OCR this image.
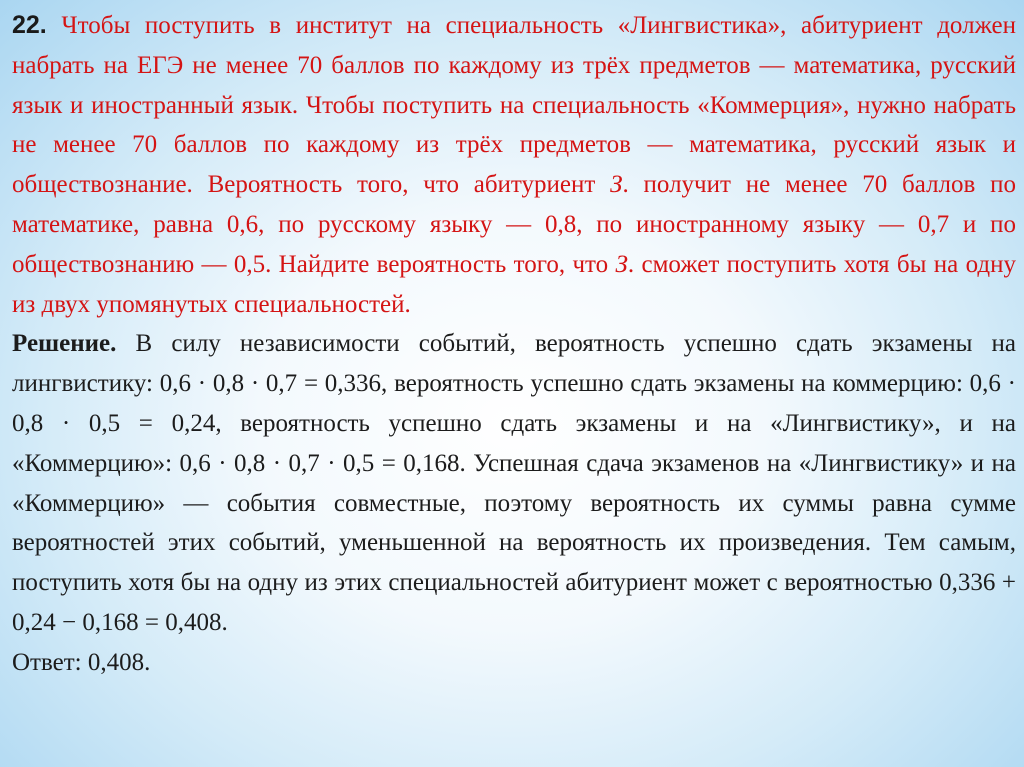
22. Чтобы поступить в институт на специальность «Лингвистика», абитуриент должен набрать на ЕГЭ не менее 70 баллов по каждому из трёх предметов — математика, русский язык и иностранный язык. Чтобы поступить на специальность «Коммерция», нужно набрать не менее 70 баллов по каждому из трёх предметов — математика, русский язык и обществознание. Вероятность того, что абитуриент З. получит не менее 70 баллов по математике, равна 0,6, по русскому языку — 0,8, по иностранному языку — 0,7 и по обществознанию — 0,5. Найдите вероятность того, что З. сможет поступить хотя бы на одну из двух упомянутых специальностей.

Решение. В силу независимости событий, вероятность успешно сдать экзамены на лингвистику: 0,6 · 0,8 · 0,7 = 0,336, вероятность успешно сдать экзамены на коммерцию: 0,6 · 0,8 · 0,5 = 0,24, вероятность успешно сдать экзамены и на «Лингвистику», и на «Коммерцию»: 0,6 · 0,8 · 0,7 · 0,5 = 0,168. Успешная сдача экзаменов на «Лингвистику» и на «Коммерцию» — события совместные, поэтому вероятность их суммы равна сумме вероятностей этих событий, уменьшенной на вероятность их произведения. Тем самым, поступить хотя бы на одну из этих специальностей абитуриент может с вероятностью 0,336 + 0,24 − 0,168 = 0,408.

Ответ: 0,408.
